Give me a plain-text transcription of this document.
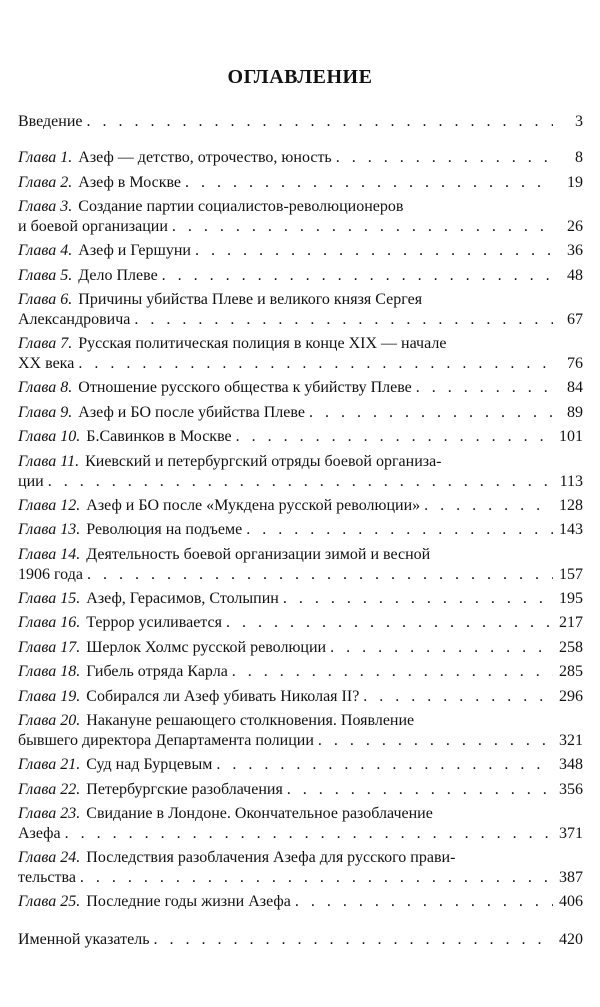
ОГЛАВЛЕНИЕ
Введение . . .	3
Глава 1. Азеф — детство, отрочество, юность . . .	8
Глава 2. Азеф в Москве . . .	19
Глава 3. Создание партии социалистов-революционеров
и боевой организации . . .	26
Глава 4. Азеф и Гершуни . . .	36
Глава 5. Дело Плеве . . .	48
Глава 6. Причины убийства Плеве и великого князя Сергея
Александровича . . .	67
Глава 7. Русская политическая полиция в конце XIX — начале
XX века . . .	76
Глава 8. Отношение русского общества к убийству Плеве . . .	84
Глава 9. Азеф и БО после убийства Плеве . . .	89
Глава 10. Б.Савинков в Москве . . .	101
Глава 11. Киевский и петербургский отряды боевой организа-
ции . . .	113
Глава 12. Азеф и БО после «Мукдена русской революции» . . .	128
Глава 13. Революция на подъеме . . .	143
Глава 14. Деятельность боевой организации зимой и весной
1906 года . . .	157
Глава 15. Азеф, Герасимов, Столыпин . . .	195
Глава 16. Террор усиливается . . .	217
Глава 17. Шерлок Холмс русской революции . . .	258
Глава 18. Гибель отряда Карла . . .	285
Глава 19. Собирался ли Азеф убивать Николая II? . . .	296
Глава 20. Накануне решающего столкновения. Появление
бывшего директора Департамента полиции . . .	321
Глава 21. Суд над Бурцевым . . .	348
Глава 22. Петербургские разоблачения . . .	356
Глава 23. Свидание в Лондоне. Окончательное разоблачение
Азефа . . .	371
Глава 24. Последствия разоблачения Азефа для русского прави-
тельства . . .	387
Глава 25. Последние годы жизни Азефа . . .	406
Именной указатель . . .	420
